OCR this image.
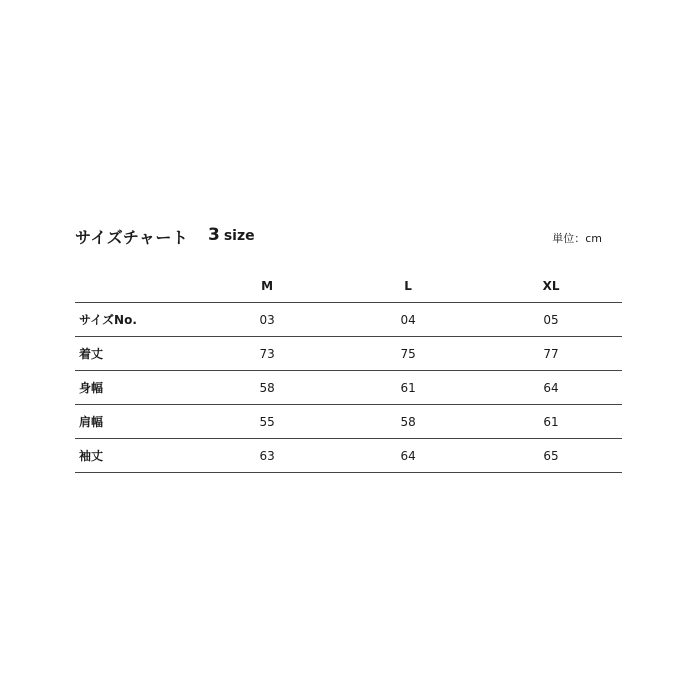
サイズチャート 3 size	単位：cm
	M	L	XL
サイズNo.	03	04	05
着丈	73	75	77
身幅	58	61	64
肩幅	55	58	61
袖丈	63	64	65
